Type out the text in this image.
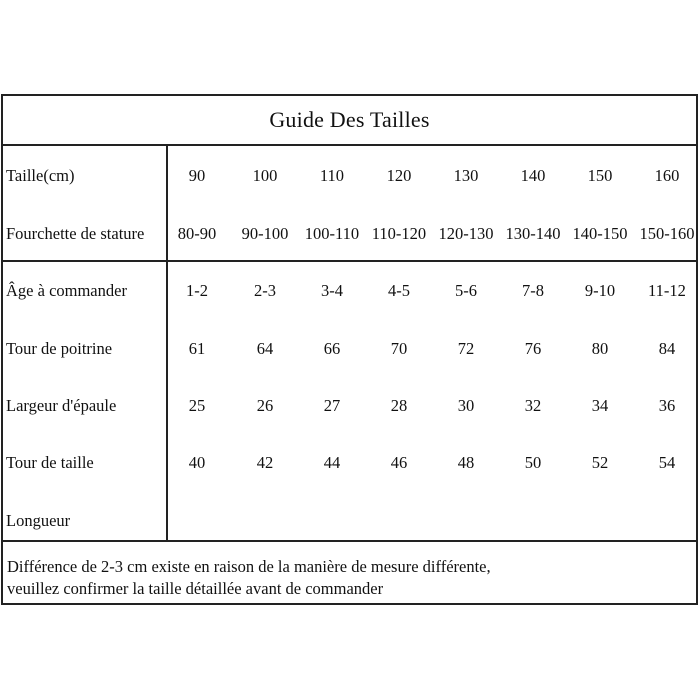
Guide Des Tailles
Taille(cm)	90	100	110	120	130	140	150	160
Fourchette de stature	80-90	90-100 100-110 110-120 120-130 130-140 140-150 150-160
Âge à commander	1-2	2-3	3-4	4-5	5-6	7-8	9-10	11-12
Tour de poitrine	61	64	66	70	72	76	80	84
Largeur d'épaule	25	26	27	28	30	32	34	36
Tour de taille	40	42	44	46	48	50	52	54
Longueur
Différence de 2-3 cm existe en raison de la manière de mesure différente,
veuillez confirmer la taille détaillée avant de commander
